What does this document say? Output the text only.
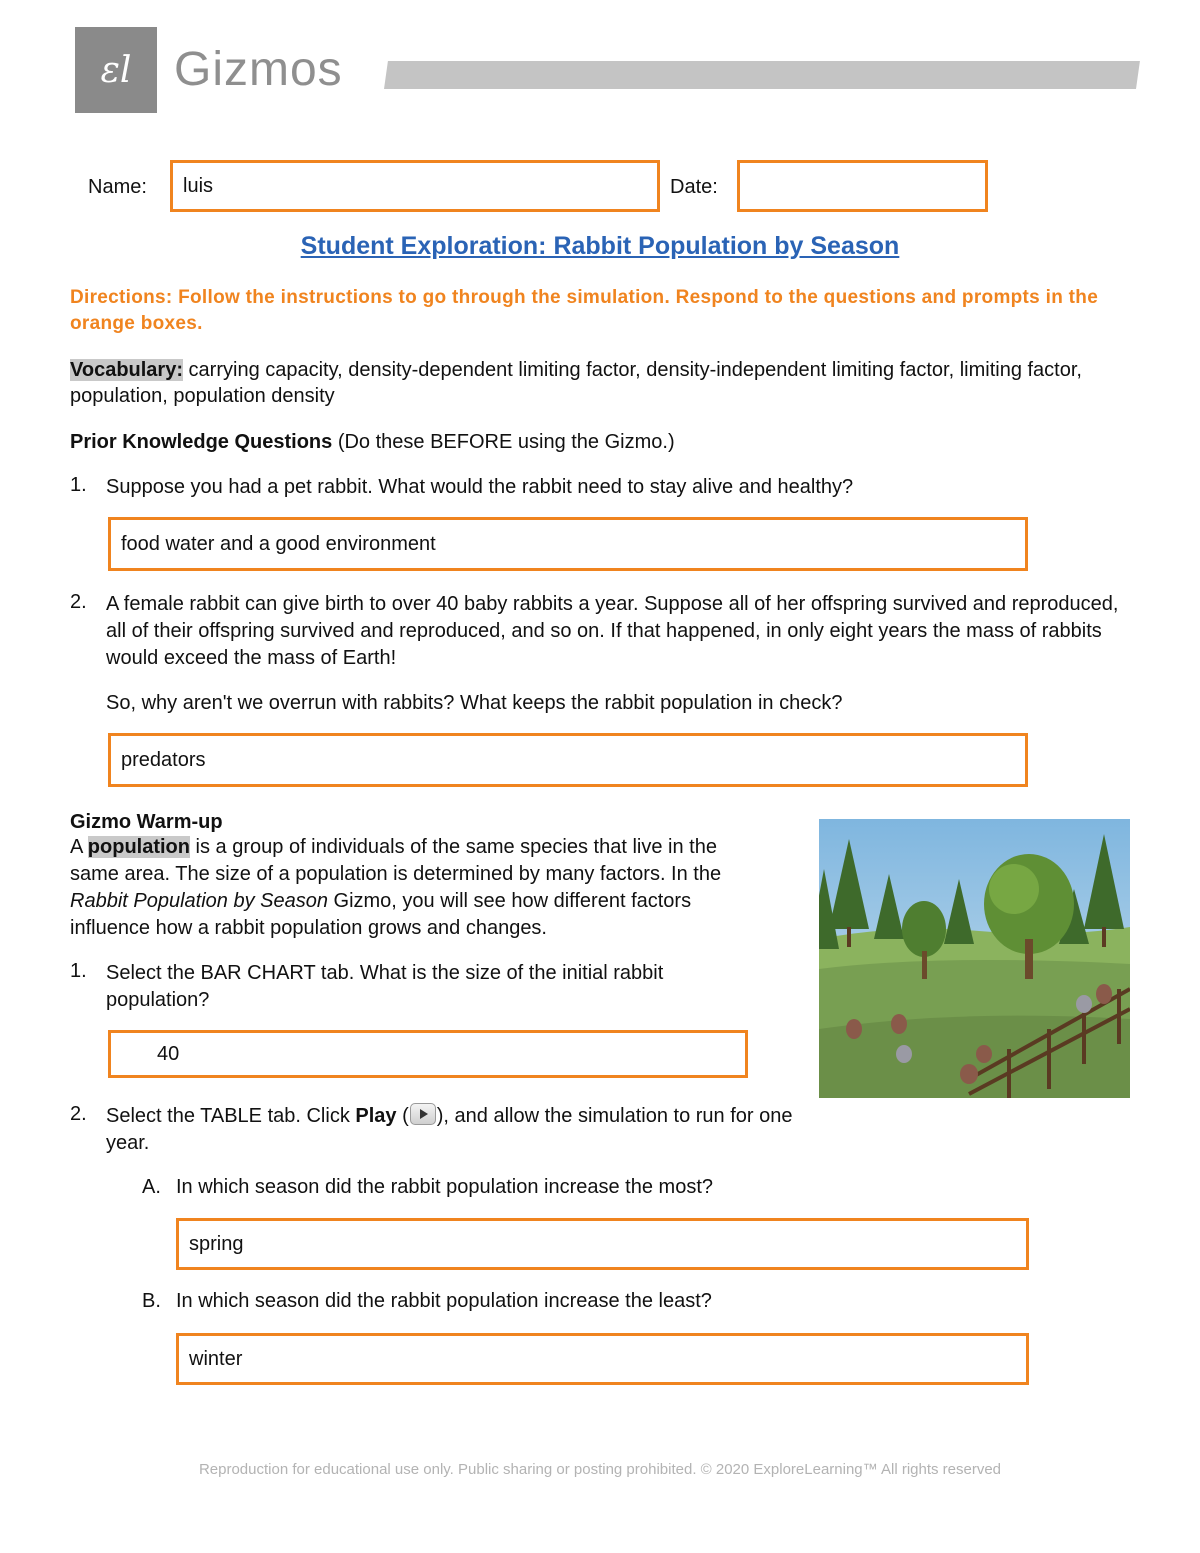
ɛl Gizmos
Name: luis	Date:
Student Exploration: Rabbit Population by Season
Directions: Follow the instructions to go through the simulation. Respond to the questions and prompts in the orange boxes.
Vocabulary: carrying capacity, density-dependent limiting factor, density-independent limiting factor, limiting factor, population, population density
Prior Knowledge Questions (Do these BEFORE using the Gizmo.)
1. Suppose you had a pet rabbit. What would the rabbit need to stay alive and healthy?
food water and a good environment
2. A female rabbit can give birth to over 40 baby rabbits a year. Suppose all of her offspring survived and reproduced, all of their offspring survived and reproduced, and so on. If that happened, in only eight years the mass of rabbits would exceed the mass of Earth!
So, why aren't we overrun with rabbits? What keeps the rabbit population in check?
predators
Gizmo Warm-up
A population is a group of individuals of the same species that live in the same area. The size of a population is determined by many factors. In the Rabbit Population by Season Gizmo, you will see how different factors influence how a rabbit population grows and changes.
1. Select the BAR CHART tab. What is the size of the initial rabbit population?
40
2. Select the TABLE tab. Click Play ( ), and allow the simulation to run for one year.
A. In which season did the rabbit population increase the most?
spring
B. In which season did the rabbit population increase the least?
winter
Reproduction for educational use only. Public sharing or posting prohibited. © 2020 ExploreLearning™ All rights reserved
